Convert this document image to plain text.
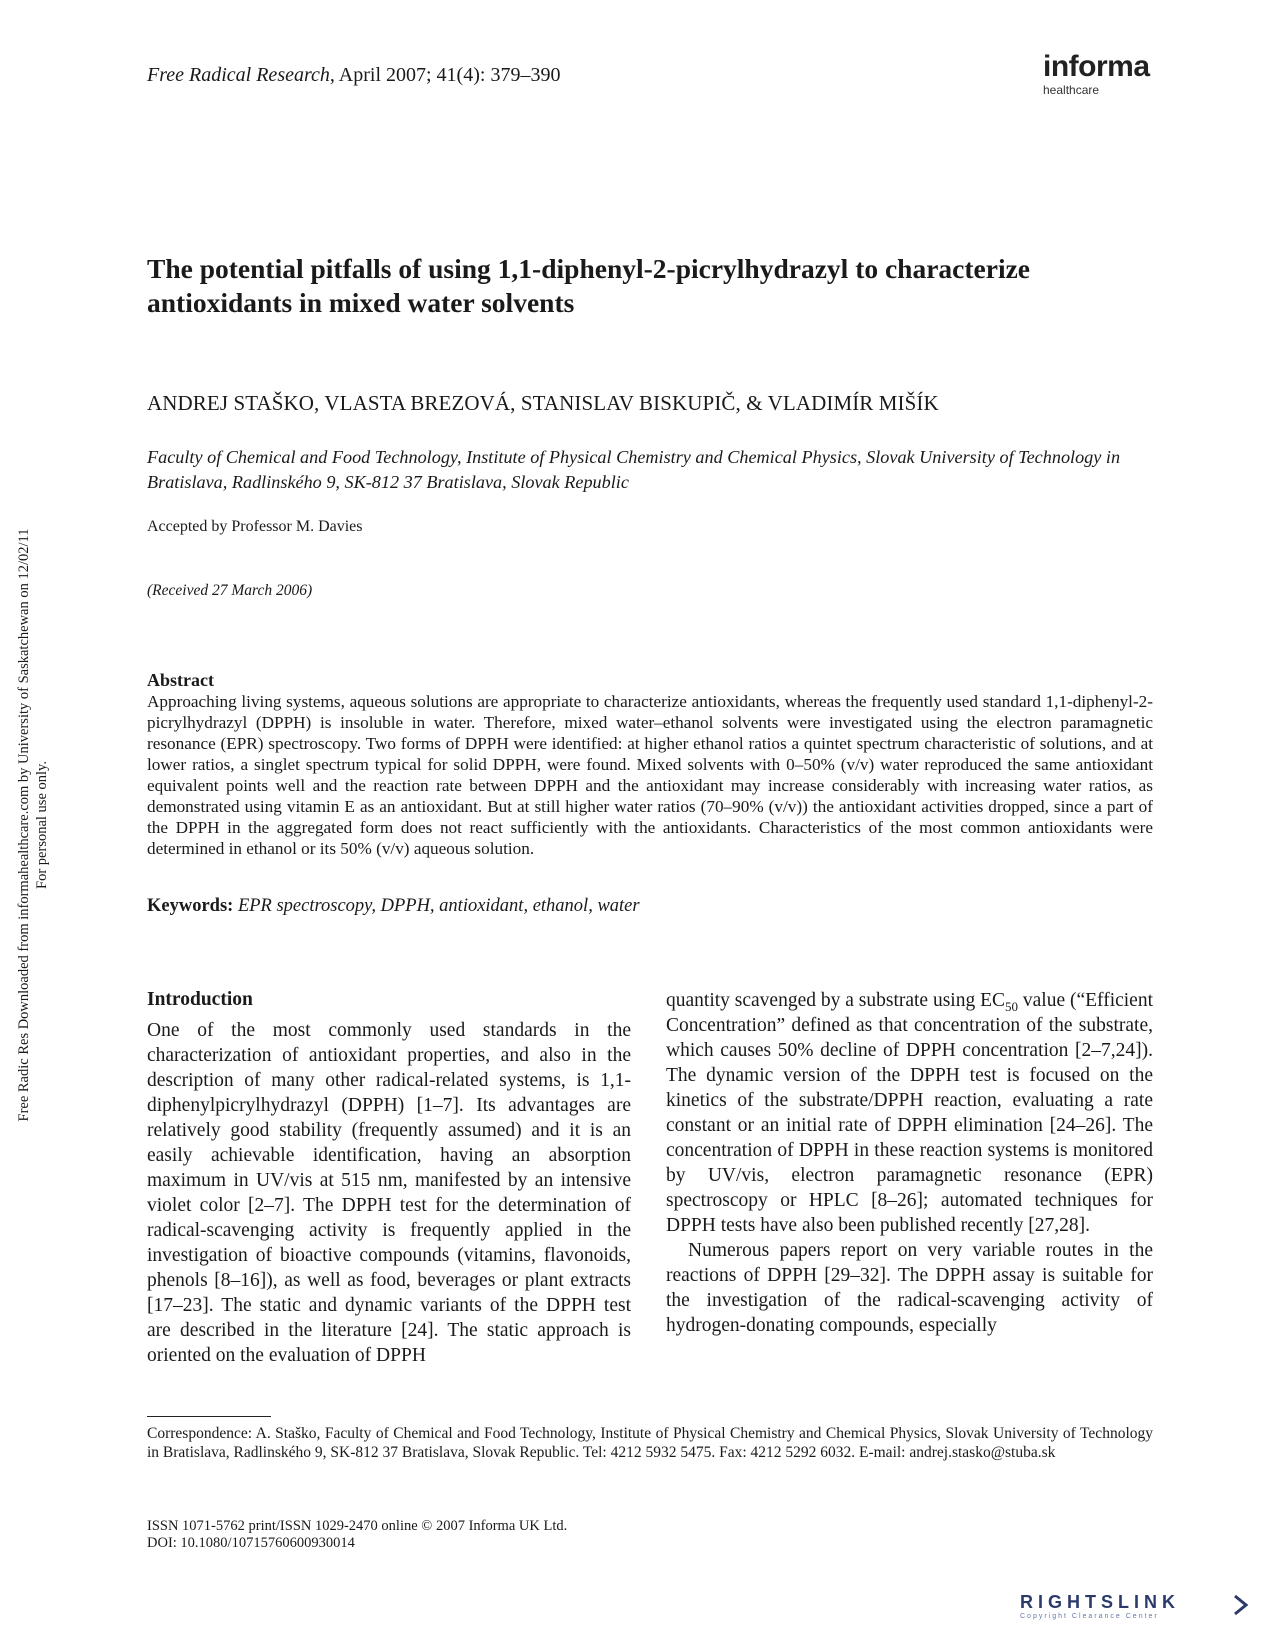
Free Radical Research, April 2007; 41(4): 379–390	informa
healthcare
The potential pitfalls of using 1,1-diphenyl-2-picrylhydrazyl to characterize antioxidants in mixed water solvents
ANDREJ STAŠKO, VLASTA BREZOVÁ, STANISLAV BISKUPIČ, & VLADIMÍR MIŠÍK
Faculty of Chemical and Food Technology, Institute of Physical Chemistry and Chemical Physics, Slovak University of Technology in Bratislava, Radlinského 9, SK-812 37 Bratislava, Slovak Republic
Accepted by Professor M. Davies
(Received 27 March 2006)
Abstract

Approaching living systems, aqueous solutions are appropriate to characterize antioxidants, whereas the frequently used standard 1,1-diphenyl-2-picrylhydrazyl (DPPH) is insoluble in water. Therefore, mixed water–ethanol solvents were investigated using the electron paramagnetic resonance (EPR) spectroscopy. Two forms of DPPH were identified: at higher ethanol ratios a quintet spectrum characteristic of solutions, and at lower ratios, a singlet spectrum typical for solid DPPH, were found. Mixed solvents with 0–50% (v/v) water reproduced the same antioxidant equivalent points well and the reaction rate between DPPH and the antioxidant may increase considerably with increasing water ratios, as demonstrated using vitamin E as an antioxidant. But at still higher water ratios (70–90% (v/v)) the antioxidant activities dropped, since a part of the DPPH in the aggregated form does not react sufficiently with the antioxidants. Characteristics of the most common antioxidants were determined in ethanol or its 50% (v/v) aqueous solution.

Keywords: EPR spectroscopy, DPPH, antioxidant, ethanol, water
Introduction

One of the most commonly used standards in the characterization of antioxidant properties, and also in the description of many other radical-related systems, is 1,1-diphenylpicrylhydrazyl (DPPH) [1–7]. Its advantages are relatively good stability (frequently assumed) and it is an easily achievable identification, having an absorption maximum in UV/vis at 515 nm, manifested by an intensive violet color [2–7]. The DPPH test for the determination of radical-scavenging activity is frequently applied in the investigation of bioactive compounds (vitamins, flavonoids, phenols [8–16]), as well as food, beverages or plant extracts [17–23]. The static and dynamic variants of the DPPH test are described in the literature [24]. The static approach is oriented on the evaluation of DPPH

quantity scavenged by a substrate using $EC_{50}$ value (“Efficient Concentration” defined as that concentration of the substrate, which causes 50% decline of DPPH concentration [2–7,24]). The dynamic version of the DPPH test is focused on the kinetics of the substrate/DPPH reaction, evaluating a rate constant or an initial rate of DPPH elimination [24–26]. The concentration of DPPH in these reaction systems is monitored by UV/vis, electron paramagnetic resonance (EPR) spectroscopy or HPLC [8–26]; automated techniques for DPPH tests have also been published recently [27,28].

Numerous papers report on very variable routes in the reactions of DPPH [29–32]. The DPPH assay is suitable for the investigation of the radical-scavenging activity of hydrogen-donating compounds, especially

Correspondence: A. Staško, Faculty of Chemical and Food Technology, Institute of Physical Chemistry and Chemical Physics, Slovak University of Technology in Bratislava, Radlinského 9, SK-812 37 Bratislava, Slovak Republic. Tel: 4212 5932 5475. Fax: 4212 5292 6032. E-mail: andrej.stasko@stuba.sk
ISSN 1071-5762 print/ISSN 1029-2470 online © 2007 Informa UK Ltd.
DOI: 10.1080/10715760600930014
Free Radic Res Downloaded from informahealthcare.com by University of Saskatchewan on 12/02/11 For personal use only.
RIGHTSLINK
Copyright Clearance Center
